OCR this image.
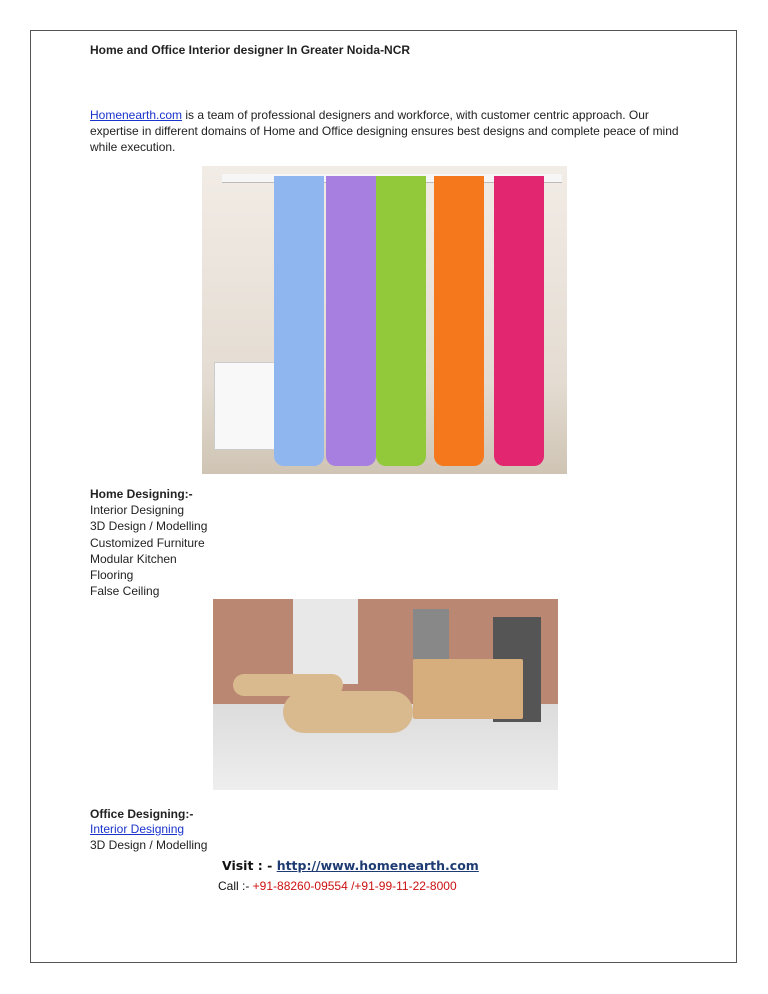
Home and Office Interior designer In Greater Noida-NCR
Homenearth.com is a team of professional designers and workforce, with customer centric approach. Our
expertise in different domains of Home and Office designing ensures best designs and complete peace of mind
while execution.
Home Designing:-
Interior Designing
3D Design / Modelling
Customized Furniture
Modular Kitchen
Flooring
False Ceiling
Office Designing:-
Interior Designing
3D Design / Modelling
Visit : - http://www.homenearth.com
Call :- +91-88260-09554 /+91-99-11-22-8000
